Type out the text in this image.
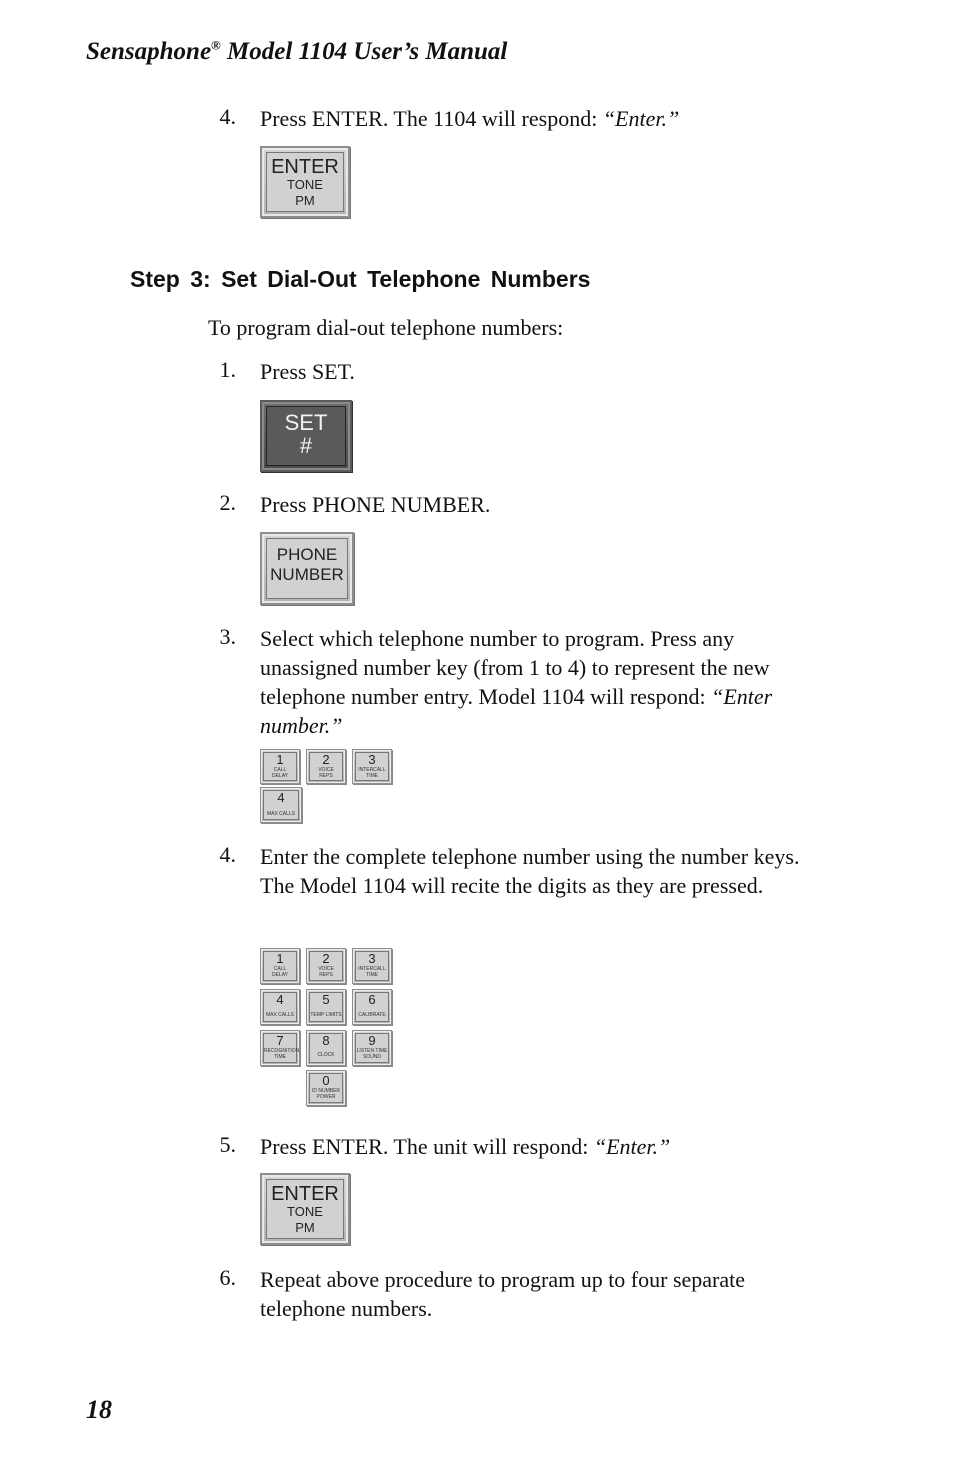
Sensaphone® Model 1104 User’s Manual
4. Press ENTER. The 1104 will respond: “Enter.”
ENTER
TONE
PM
Step 3: Set Dial-Out Telephone Numbers
To program dial-out telephone numbers:
1. Press SET.
SET
#
2. Press PHONE NUMBER.
PHONE
NUMBER
3. Select which telephone number to program. Press any unassigned number key (from 1 to 4) to represent the new telephone number entry. Model 1104 will respond: “Enter number.”
1
CALL
DELAY
2
VOICE
REPS
3
INTERCALL
TIME
4
MAX CALLS
4. Enter the complete telephone number using the number keys. The Model 1104 will recite the digits as they are pressed.
1
CALL
DELAY
2
VOICE
REPS
3
INTERCALL
TIME
4
MAX CALLS
5
TEMP LIMITS
6
CALIBRATE
7
RECOGNITION
TIME
8
CLOCK
9
LISTEN TIME
SOUND
0
ID NUMBER
POWER
5. Press ENTER. The unit will respond: “Enter.”
ENTER
TONE
PM
6. Repeat above procedure to program up to four separate telephone numbers.
18
